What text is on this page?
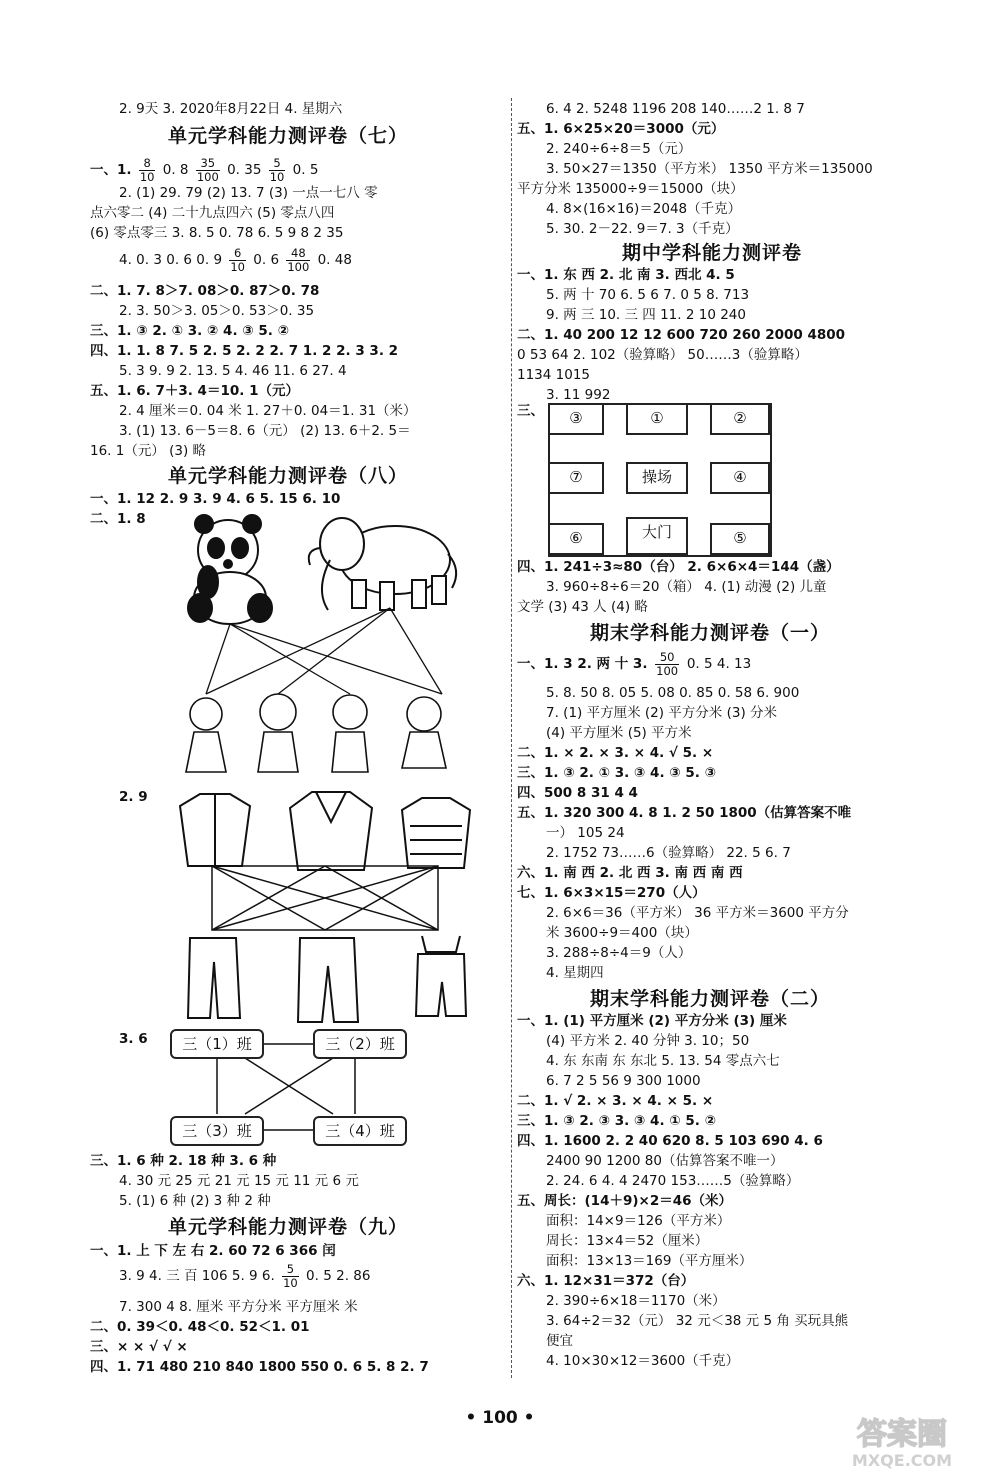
2. 9天 3. 2020年8月22日 4. 星期六
单元学科能力测评卷（七）
一、1. $\frac{8}{10} 0$. $8 \frac{35}{100} 0$. $35 \frac{5}{10} 0$. 5
2. (1) 29. 79 (2) 13. 7 (3) 一点一七八 零
点六零二 (4) 二十九点四六 (5) 零点八四
(6) 零点零三 3. 8. 5 0. 78 6. 5 9 8 2 35
4. 0. 3 0. 6 0. $9 \frac{6}{10} 0$. $6 \frac{48}{100} 0$. 48
二、1. 7. 8＞7. 08＞0. 87＞0. 78
2. 3. 50＞3. 05＞0. 53＞0. 35
三、1. ③ 2. ① 3. ② 4. ③ 5. ②
四、1. 1. 8 7. 5 2. 5 2. 2 2. 7 1. 2 2. 3 3. 2
5. 3 9. 9 2. 13. 5 4. 46 11. 6 27. 4
五、1. 6. 7＋3. 4＝10. 1（元）
2. 4 厘米＝0. 04 米 1. 27＋0. 04＝1. 31（米）
3. (1) 13. 6－5＝8. 6（元） (2) 13. 6＋2. 5＝
16. 1（元） (3) 略
单元学科能力测评卷（八）
一、1. 12 2. 9 3. 9 4. 6 5. 15 6. 10
二、1. 8
2. 9
3. 6	三（1）班	三（2）班
三（3）班	三（4）班
三、1. 6 种 2. 18 种 3. 6 种
4. 30 元 25 元 21 元 15 元 11 元 6 元
5. (1) 6 种 (2) 3 种 2 种
单元学科能力测评卷（九）
一、1. 上 下 左 右 2. 60 72 6 366 闰
3. 9 4. 三 百 106 5. 9 6. $\frac{5}{10} 0$. 5 2. 86
7. 300 4 8. 厘米 平方分米 平方厘米 米
二、0. 39＜0. 48＜0. 52＜1. 01
三、× × √ √ ×
四、1. 71 480 210 840 1800 550 0. 6 5. 8 2. 7
6. 4 2. 5248 1196 208 140……2 1. 8 7
五、1. 6×25×20＝3000（元）
2. 240÷6÷8＝5（元）
3. 50×27＝1350（平方米） 1350 平方米＝135000
平方分米 135000÷9＝15000（块）
4. 8×(16×16)＝2048（千克）
5. 30. 2－22. 9＝7. 3（千克）
期中学科能力测评卷
一、1. 东 西 2. 北 南 3. 西北 4. 5
5. 两 十 70 6. 5 6 7. 0 5 8. 713
9. 两 三 10. 三 四 11. 2 10 240
二、1. 40 200 12 12 600 720 260 2000 4800
0 53 64 2. 102（验算略） 50……3（验算略）
1134 1015
3. 11 992
三、	③	①	②
⑦	操场	④
⑥	大门	⑤
四、1. 241÷3≈80（台） 2. 6×6×4＝144（盏）
3. 960÷8÷6＝20（箱） 4. (1) 动漫 (2) 儿童
文学 (3) 43 人 (4) 略
期末学科能力测评卷（一）
一、1. 3 2. 两 十 3. $\frac{50}{100} 0$. 5 4. 13
5. 8. 50 8. 05 5. 08 0. 85 0. 58 6. 900
7. (1) 平方厘米 (2) 平方分米 (3) 分米
(4) 平方厘米 (5) 平方米
二、1. × 2. × 3. × 4. √ 5. ×
三、1. ③ 2. ① 3. ③ 4. ③ 5. ③
四、500 8 31 4 4
五、1. 320 300 4. 8 1. 2 50 1800（估算答案不唯
一） 105 24
2. 1752 73……6（验算略） 22. 5 6. 7
六、1. 南 西 2. 北 西 3. 南 西 南 西
七、1. 6×3×15＝270（人）
2. 6×6＝36（平方米） 36 平方米＝3600 平方分
米 3600÷9＝400（块）
3. 288÷8÷4＝9（人）
4. 星期四
期末学科能力测评卷（二）
一、1. (1) 平方厘米 (2) 平方分米 (3) 厘米
(4) 平方米 2. 40 分钟 3. 10；50
4. 东 东南 东 东北 5. 13. 54 零点六七
6. 7 2 5 56 9 300 1000
二、1. √ 2. × 3. × 4. × 5. ×
三、1. ③ 2. ③ 3. ③ 4. ① 5. ②
四、1. 1600 2. 2 40 620 8. 5 103 690 4. 6
2400 90 1200 80（估算答案不唯一）
2. 24. 6 4. 4 2470 153……5（验算略）
五、周长：(14＋9)×2＝46（米）
面积：14×9＝126（平方米）
周长：13×4＝52（厘米）
面积：13×13＝169（平方厘米）
六、1. 12×31＝372（台）
2. 390÷6×18＝1170（米）
3. 64÷2＝32（元） 32 元＜38 元 5 角 买玩具熊
便宜
4. 10×30×12＝3600（千克）
• 100 •	答案圈
MXQE.COM
